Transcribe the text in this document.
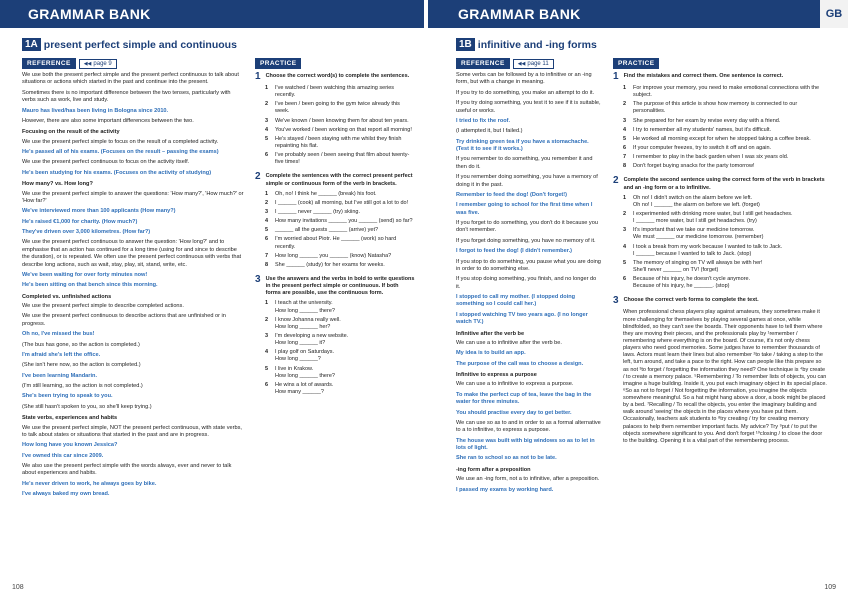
GRAMMAR BANK	GRAMMAR BANK	GB
1A present perfect simple and continuous
REFERENCE	◀◀ page 9

We use both the present perfect simple and the present perfect continuous to talk about situations or actions which started in the past and continue into the present.

Sometimes there is no important difference between the two tenses, particularly with verbs such as work, live and study.

Mauro has lived/has been living in Bologna since 2010.

However, there are also some important differences between the two.

Focusing on the result of the activity

We use the present perfect simple to focus on the result of a completed activity.

He's passed all of his exams. (Focuses on the result – passing the exams)

We use the present perfect continuous to focus on the activity itself.

He's been studying for his exams. (Focuses on the activity of studying)

How many? vs. How long?

We use the present perfect simple to answer the questions: 'How many?', 'How much?' or 'How far?'

We've interviewed more than 100 applicants (How many?)

He's raised €1,000 for charity. (How much?)

They've driven over 3,000 kilometres. (How far?)

We use the present perfect continuous to answer the question: 'How long?' and to emphasise that an action has continued for a long time (using for and since to describe the duration), or is repeated. We often use the present perfect continuous with verbs that describe long actions, such as wait, stay, play, sit, stand, write, etc.

We've been waiting for over forty minutes now!

He's been sitting on that bench since this morning.

Completed vs. unfinished actions

We use the present perfect simple to describe completed actions.

We use the present perfect continuous to describe actions that are unfinished or in progress.

Oh no, I've missed the bus!

(The bus has gone, so the action is completed.)

I'm afraid she's left the office.

(She isn't here now, so the action is completed.)

I've been learning Mandarin.

(I'm still learning, so the action is not completed.)

She's been trying to speak to you.

(She still hasn't spoken to you, so she'll keep trying.)

State verbs, experiences and habits

We use the present perfect simple, NOT the present perfect continuous, with state verbs, to talk about states or situations that started in the past and are in progress.

How long have you known Jessica?

I've owned this car since 2009.

We also use the present perfect simple with the words always, ever and never to talk about experiences and habits.

He's never driven to work, he always goes by bike.

I've always baked my own bread.

PRACTICE
1 Choose the correct word(s) to complete the sentences.
1	I've watched / been watching this amazing series recently.
2	I've been / been going to the gym twice already this week.
3	We've known / been knowing them for about ten years.
4	You've worked / been working on that report all morning!
5	He's stayed / been staying with me whilst they finish repainting his flat.
6	I've probably seen / been seeing that film about twenty-five times!
2 Complete the sentences with the correct present perfect simple or continuous form of the verb in brackets.
1	Oh, no! I think he ______ (break) his foot.
2	I ______ (cook) all morning, but I've still got a lot to do!
3	I ______ never ______ (try) skiing.
4	How many invitations ______ you ______ (send) so far?
5	______ all the guests ______ (arrive) yet?
6	I'm worried about Piotr. He ______ (work) so hard recently.
7	How long ______ you ______ (know) Natasha?
8	She ______ (study) for her exams for weeks.
3 Use the answers and the verbs in bold to write questions in the present perfect simple or continuous. If both forms are possible, use the continuous form.
1	I teach at the university.
How long ______ there?
2	I know Johanna really well.
How long ______ her?
3	I'm developing a new website.
How long ______ it?
4	I play golf on Saturdays.
How long ______?
5	I live in Krakow.
How long ______ there?
6	He wins a lot of awards.
How many ______?
1B infinitive and -ing forms
REFERENCE	◀◀ page 11

Some verbs can be followed by a to infinitive or an -ing form, but with a change in meaning.

If you try to do something, you make an attempt to do it.

If you try doing something, you test it to see if it is suitable, useful or works.

I tried to fix the roof.

(I attempted it, but I failed.)

Try drinking green tea if you have a stomachache. (Test it to see if it works.)

If you remember to do something, you remember it and then do it.

If you remember doing something, you have a memory of doing it in the past.

Remember to feed the dog! (Don't forget!)

I remember going to school for the first time when I was five.

If you forget to do something, you don't do it because you don't remember.

If you forget doing something, you have no memory of it.

I forgot to feed the dog! (I didn't remember.)

If you stop to do something, you pause what you are doing in order to do something else.

If you stop doing something, you finish, and no longer do it.

I stopped to call my mother. (I stopped doing something so I could call her.)

I stopped watching TV two years ago. (I no longer watch TV.)

Infinitive after the verb be

We can use a to infinitive after the verb be.

My idea is to build an app.

The purpose of the call was to choose a design.

Infinitive to express a purpose

We can use a to infinitive to express a purpose.

To make the perfect cup of tea, leave the bag in the water for three minutes.

You should practise every day to get better.

We can use so as to and in order to as a formal alternative to a to infinitive, to express a purpose.

The house was built with big windows so as to let in lots of light.

She ran to school so as not to be late.

-ing form after a preposition

We use an -ing form, not a to infinitive, after a preposition.

I passed my exams by working hard.

PRACTICE
1 Find the mistakes and correct them. One sentence is correct.
1	For improve your memory, you need to make emotional connections with the subject.
2	The purpose of this article is show how memory is connected to our personalities.
3	She prepared for her exam by revise every day with a friend.
4	I try to remember all my students' names, but it's difficult.
5	He worked all morning except for when he stopped taking a coffee break.
6	If your computer freezes, try to switch it off and on again.
7	I remember to play in the back garden when I was six years old.
8	Don't forget buying snacks for the party tomorrow!
2 Complete the second sentence using the correct form of the verb in brackets and an -ing form or a to infinitive.
1	Oh no! I didn't switch on the alarm before we left.
Oh no! I ______ the alarm on before we left. (forget)
2	I experimented with drinking more water, but I still get headaches.
I ______ more water, but I still get headaches. (try)
3	It's important that we take our medicine tomorrow.
We must ______ our medicine tomorrow. (remember)
4	I took a break from my work because I wanted to talk to Jack.
I ______ because I wanted to talk to Jack. (stop)
5	The memory of singing on TV will always be with her!
She'll never ______ on TV! (forget)
6	Because of his injury, he doesn't cycle anymore.
Because of his injury, he ______. (stop)
3 Choose the correct verb forms to complete the text.
When professional chess players play against amateurs, they sometimes make it more challenging for themselves by playing several games at once, while blindfolded, so they can't see the boards. Their opponents have to tell them where they are moving their pieces, and the professionals play by ¹remember / remembering where everything is on the board. Of course, it's not only chess players who need good memories. Some judges have to remember thousands of laws. Actors must learn their lines but also remember ²to take / taking a step to the left, turn around, and take a pace to the right. How can people like this prepare so as not ³to forget / forgetting the information they need? One technique is ⁴by create / to create a memory palace. ⁵Remembering / To remember lists of objects, you can imagine a huge building. Inside it, you put each imaginary object in its special place. ⁶So as not to forget / Not forgetting the information, you imagine the objects somewhere meaningful. So a hat might hang above a door, a book might be placed by a bed. ⁷Recalling / To recall the objects, you enter the imaginary building and walk around 'seeing' the objects in the places where you have put them. Occasionally, teachers ask students to ⁸try creating / try for creating memory palaces to help them remember important facts. My advice? Try ⁹put / to put the objects somewhere significant to you. And don't forget ¹⁰closing / to close the door to the building. Opening it is a vital part of the remembering process.
108	109
